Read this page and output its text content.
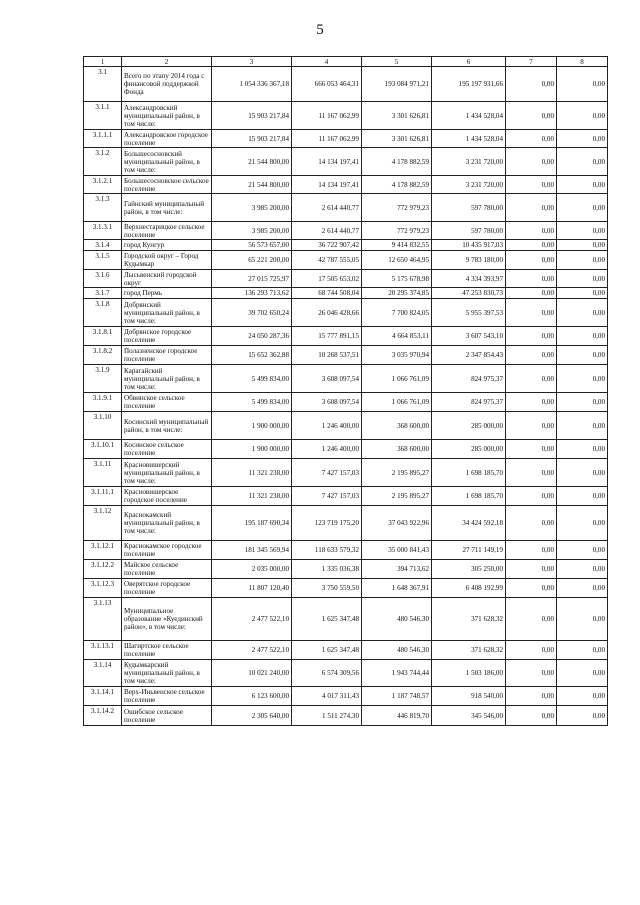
5
1	2	3	4	5	6	7	8
3.1	Всего по этапу 2014 года с финансовой поддержкой Фонда	1 054 336 367,18	666 053 464,31	193 084 971,21	195 197 931,66	0,00	0,00
3.1.1	Александровский муниципальный район, в том числе:	15 903 217,84	11 167 062,99	3 301 626,81	1 434 528,04	0,00	0,00
3.1.1.1	Александровское городское поселение	15 903 217,84	11 167 062,99	3 301 626,81	1 434 528,04	0,00	0,00
3.1.2	Большесосновский муниципальный район, в том числе:	21 544 800,00	14 134 197,41	4 178 882,59	3 231 720,00	0,00	0,00
3.1.2.1	Большесосновское сельское поселение	21 544 800,00	14 134 197,41	4 178 882,59	3 231 720,00	0,00	0,00
3.1.3	Гайнский муниципальный район, в том числе:	3 985 200,00	2 614 440,77	772 979,23	597 780,00	0,00	0,00
3.1.3.1	Верхнестарицкое сельское поселение	3 985 200,00	2 614 440,77	772 979,23	597 780,00	0,00	0,00
3.1.4	город Кунгур	56 573 657,00	36 722 907,42	9 414 832,55	10 435 917,03	0,00	0,00
3.1.5	Городской округ – Город Кудымкар	65 221 200,00	42 787 555,05	12 650 464,95	9 783 180,00	0,00	0,00
3.1.6	Лысьвенский городской округ	27 015 725,97	17 505 653,02	5 175 678,98	4 334 393,97	0,00	0,00
3.1.7	город Пермь	136 293 713,62	68 744 508,04	20 295 374,85	47 253 830,73	0,00	0,00
3.1.8	Добрянский муниципальный район, в том числе:	39 702 650,24	26 046 428,66	7 700 824,05	5 955 397,53	0,00	0,00
3.1.8.1	Добрянское городское поселение	24 050 287,36	15 777 891,15	4 664 853,11	3 607 543,10	0,00	0,00
3.1.8.2	Полазненское городское поселение	15 652 362,88	10 268 537,51	3 035 970,94	2 347 854,43	0,00	0,00
3.1.9	Карагайский муниципальный район, в том числе:	5 499 834,00	3 608 097,54	1 066 761,09	824 975,37	0,00	0,00
3.1.9.1	Обвинское сельское поселение	5 499 834,00	3 608 097,54	1 066 761,09	824 975,37	0,00	0,00
3.1.10	Косинский муниципальный район, в том числе:	1 900 000,00	1 246 400,00	368 600,00	285 000,00	0,00	0,00
3.1.10.1	Косинское сельское поселение	1 900 000,00	1 246 400,00	368 600,00	285 000,00	0,00	0,00
3.1.11	Красновишерский муниципальный район, в том числе:	11 321 238,00	7 427 157,03	2 195 895,27	1 698 185,70	0,00	0,00
3.1.11.1	Красновишерское городское поселение	11 321 238,00	7 427 157,03	2 195 895,27	1 698 185,70	0,00	0,00
3.1.12	Краснокамский муниципальный район, в том числе:	195 187 690,34	123 719 175,20	37 043 922,96	34 424 592,18	0,00	0,00
3.1.12.1	Краснокамское городское поселение	181 345 569,94	118 633 579,32	35 000 841,43	27 711 149,19	0,00	0,00
3.1.12.2	Майское сельское поселение	2 035 000,00	1 335 036,38	394 713,62	305 250,00	0,00	0,00
3.1.12.3	Оверятское городское поселение	11 807 120,40	3 750 559,50	1 648 367,91	6 408 192,99	0,00	0,00
3.1.13	Муниципальное образование «Куединский район», в том числе:	2 477 522,10	1 625 347,48	480 546,30	371 628,32	0,00	0,00
3.1.13.1	Шагиртское сельское поселение	2 477 522,10	1 625 347,48	480 546,30	371 628,32	0,00	0,00
3.1.14	Кудымкарский муниципальный район, в том числе:	10 021 240,00	6 574 309,56	1 943 744,44	1 503 186,00	0,00	0,00
3.1.14.1	Верх-Иньвенское сельское поселение	6 123 600,00	4 017 311,43	1 187 748,57	918 540,00	0,00	0,00
3.1.14.2	Ошибское сельское поселение	2 305 640,00	1 511 274,30	446 819,70	345 546,00	0,00	0,00
